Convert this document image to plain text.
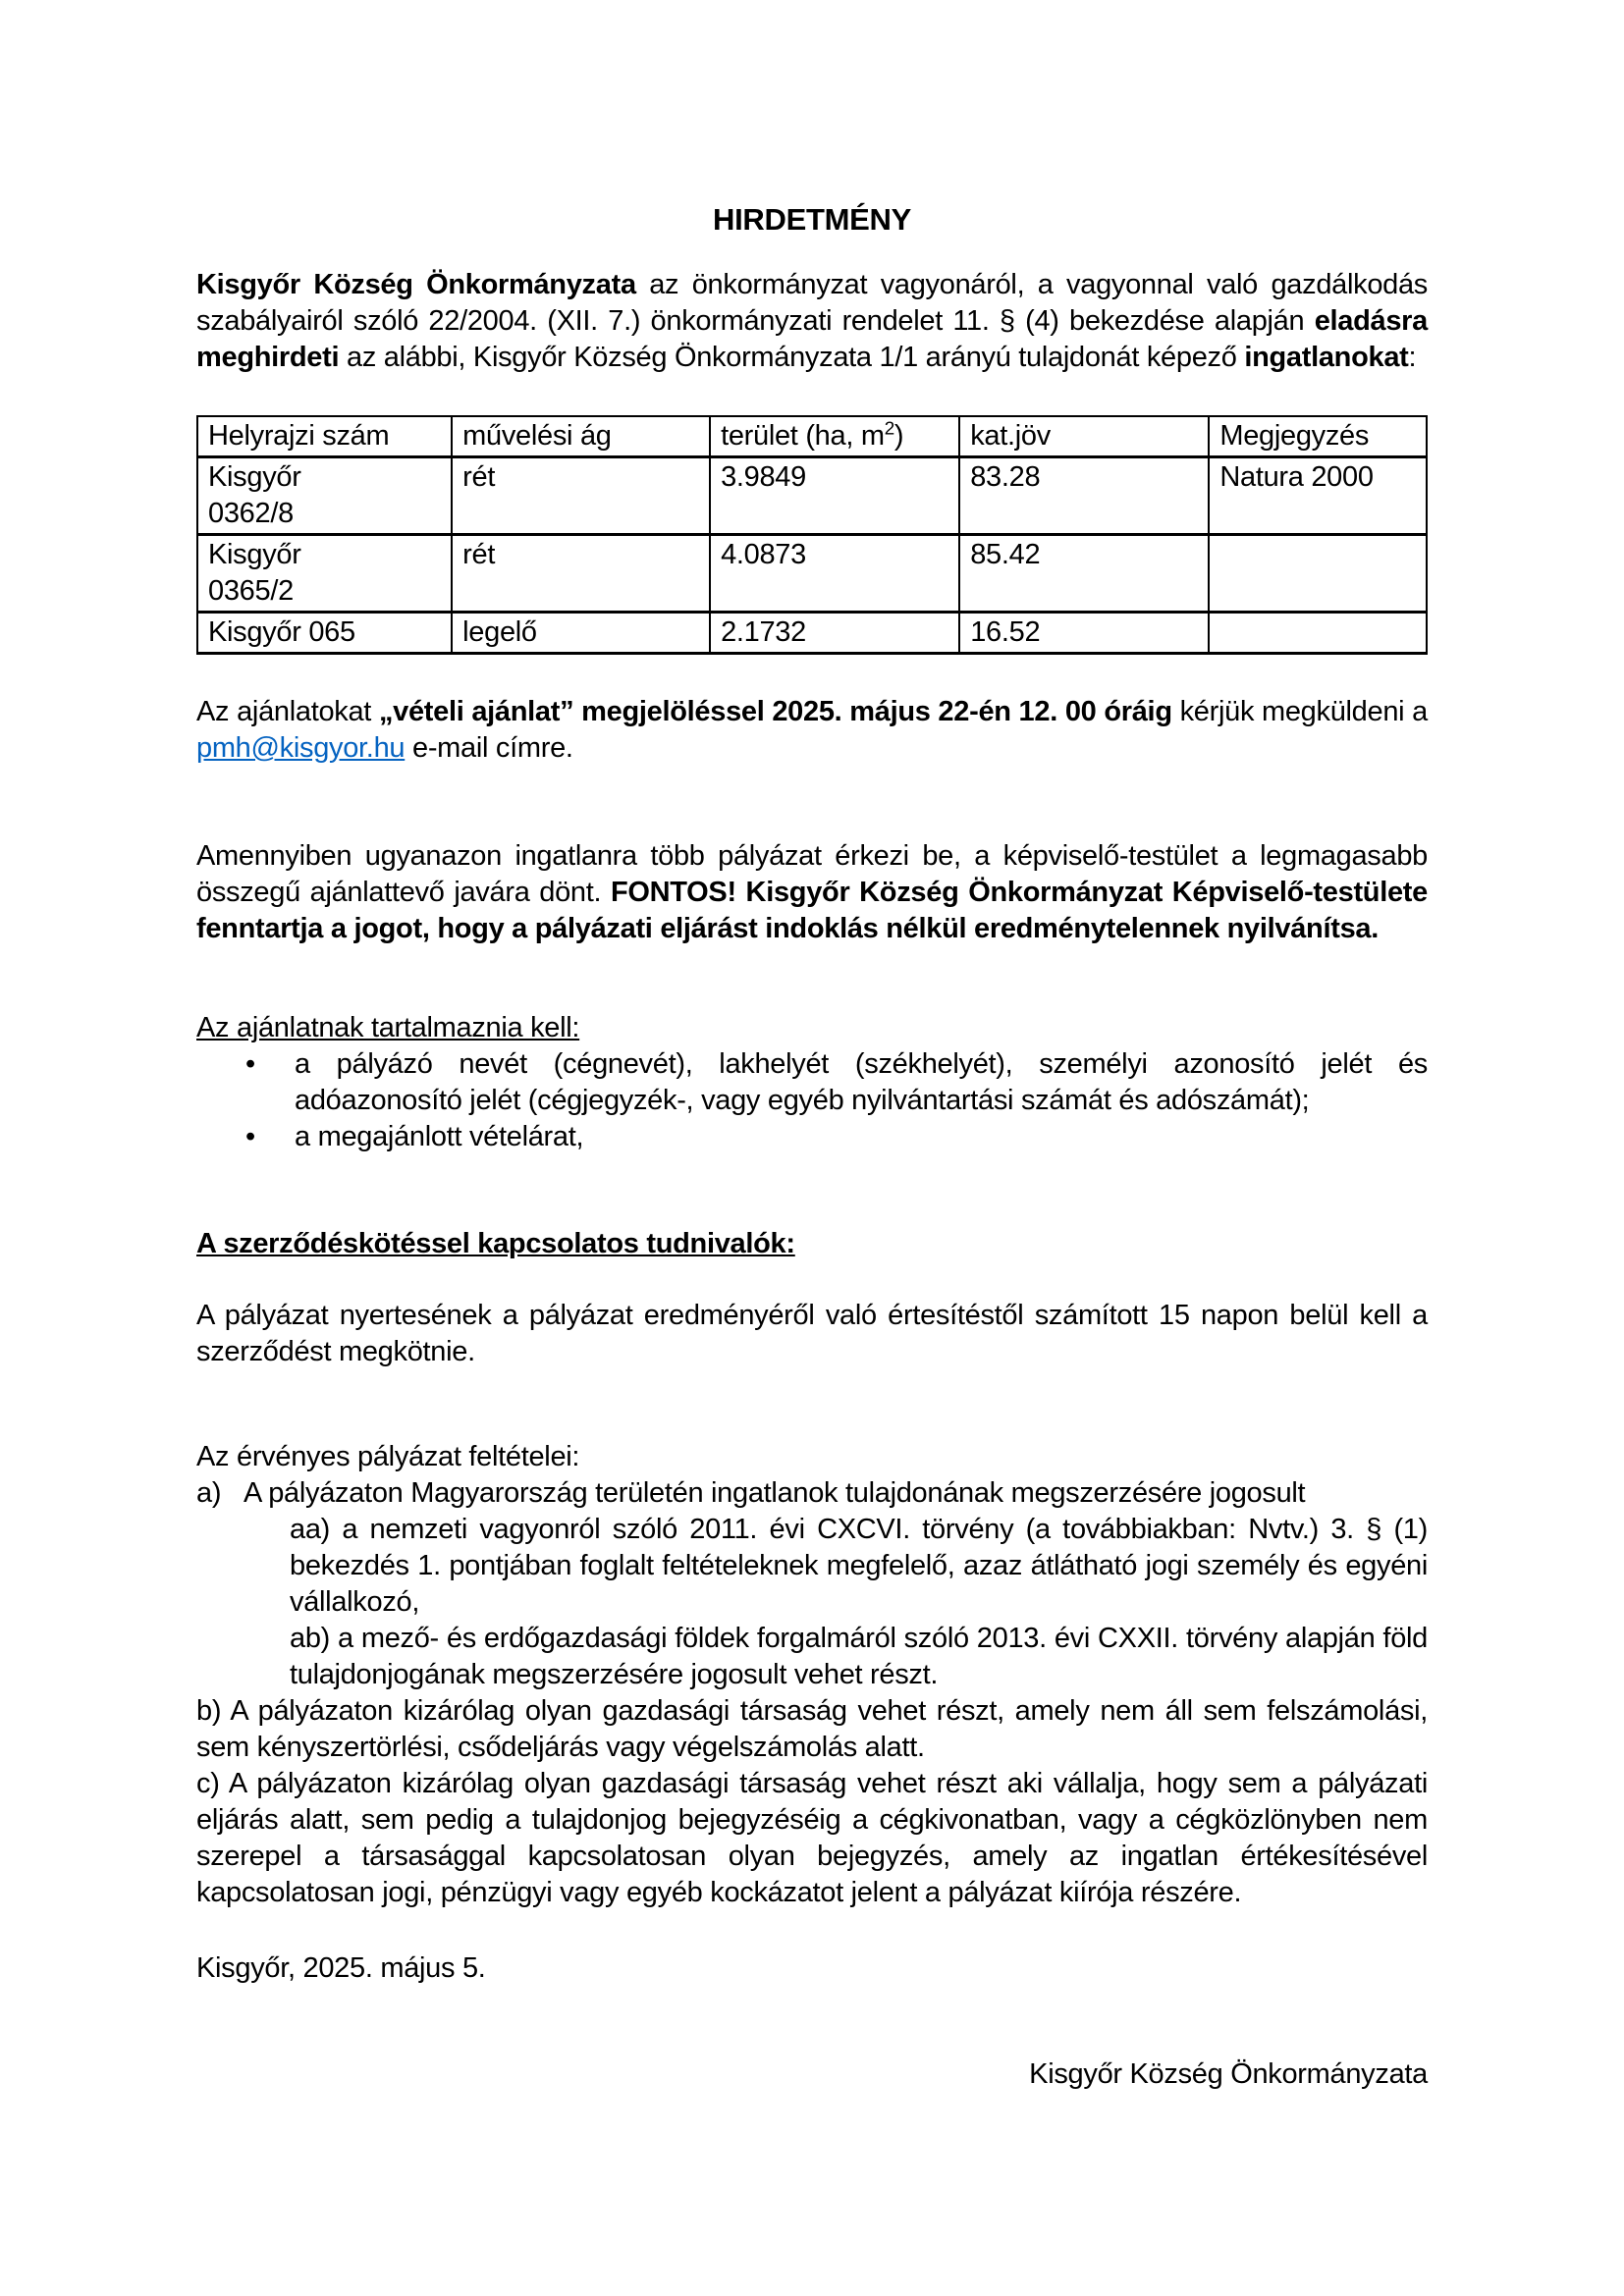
HIRDETMÉNY

Kisgyőr Község Önkormányzata az önkormányzat vagyonáról, a vagyonnal való gazdálkodás szabályairól szóló 22/2004. (XII. 7.) önkormányzati rendelet 11. § (4) bekezdése alapján eladásra meghirdeti az alábbi, Kisgyőr Község Önkormányzata 1/1 arányú tulajdonát képező ingatlanokat:

Helyrajzi szám	művelési ág	terület (ha, $m^2$)	kat.jöv	Megjegyzés

Kisgyőr
0362/8	rét	3.9849	83.28	Natura 2000

Kisgyőr
0365/2	rét	4.0873	85.42	

Kisgyőr 065	legelő	2.1732	16.52	

Az ajánlatokat „vételi ajánlat” megjelöléssel 2025. május 22-én 12. 00 óráig kérjük megküldeni a pmh@kisgyor.hu e-mail címre.

Amennyiben ugyanazon ingatlanra több pályázat érkezi be, a képviselő-testület a legmagasabb összegű ajánlattevő javára dönt. FONTOS! Kisgyőr Község Önkormányzat Képviselő-testülete fenntartja a jogot, hogy a pályázati eljárást indoklás nélkül eredménytelennek nyilvánítsa.

Az ajánlatnak tartalmaznia kell:

• a pályázó nevét (cégnevét), lakhelyét (székhelyét), személyi azonosító jelét és adóazonosító jelét (cégjegyzék-, vagy egyéb nyilvántartási számát és adószámát);
• a megajánlott vételárat,

A szerződéskötéssel kapcsolatos tudnivalók:

A pályázat nyertesének a pályázat eredményéről való értesítéstől számított 15 napon belül kell a szerződést megkötnie.

Az érvényes pályázat feltételei:

a) A pályázaton Magyarország területén ingatlanok tulajdonának megszerzésére jogosult

aa) a nemzeti vagyonról szóló 2011. évi CXCVI. törvény (a továbbiakban: Nvtv.) 3. § (1) bekezdés 1. pontjában foglalt feltételeknek megfelelő, azaz átlátható jogi személy és egyéni vállalkozó,

ab) a mező- és erdőgazdasági földek forgalmáról szóló 2013. évi CXXII. törvény alapján föld tulajdonjogának megszerzésére jogosult vehet részt.

b) A pályázaton kizárólag olyan gazdasági társaság vehet részt, amely nem áll sem felszámolási, sem kényszertörlési, csődeljárás vagy végelszámolás alatt.

c) A pályázaton kizárólag olyan gazdasági társaság vehet részt aki vállalja, hogy sem a pályázati eljárás alatt, sem pedig a tulajdonjog bejegyzéséig a cégkivonatban, vagy a cégközlönyben nem szerepel a társasággal kapcsolatosan olyan bejegyzés, amely az ingatlan értékesítésével kapcsolatosan jogi, pénzügyi vagy egyéb kockázatot jelent a pályázat kiírója részére.

Kisgyőr, 2025. május 5.

Kisgyőr Község Önkormányzata
